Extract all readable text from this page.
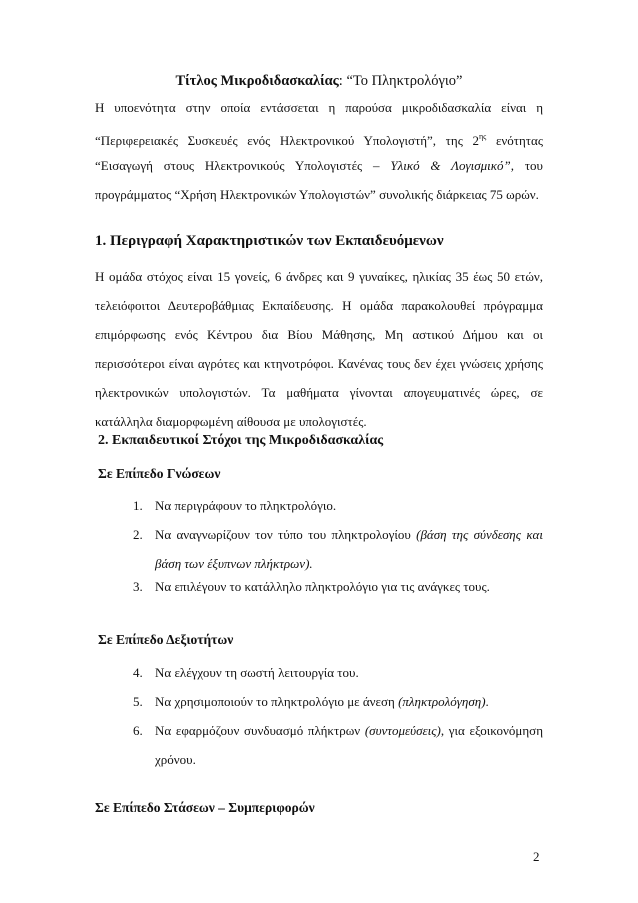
Τίτλος Μικροδιδασκαλίας: “Το Πληκτρολόγιο”
Η υποενότητα στην οποία εντάσσεται η παρούσα μικροδιδασκαλία είναι η
“Περιφερειακές Συσκευές ενός Ηλεκτρονικού Υπολογιστή”, της $2^{\eta\varsigma}$ ενότητας
“Εισαγωγή στους Ηλεκτρονικούς Υπολογιστές – Υλικό & Λογισμικό”, του
προγράμματος “Χρήση Ηλεκτρονικών Υπολογιστών” συνολικής διάρκειας 75 ωρών.
1. Περιγραφή Χαρακτηριστικών των Εκπαιδευόμενων
Η ομάδα στόχος είναι 15 γονείς, 6 άνδρες και 9 γυναίκες, ηλικίας 35 έως 50 ετών,
τελειόφοιτοι Δευτεροβάθμιας Εκπαίδευσης. Η ομάδα παρακολουθεί πρόγραμμα
επιμόρφωσης ενός Κέντρου δια Βίου Μάθησης, Μη αστικού Δήμου και οι
περισσότεροι είναι αγρότες και κτηνοτρόφοι. Κανένας τους δεν έχει γνώσεις χρήσης
ηλεκτρονικών υπολογιστών. Τα μαθήματα γίνονται απογευματινές ώρες, σε
κατάλληλα διαμορφωμένη αίθουσα με υπολογιστές.
2. Εκπαιδευτικοί Στόχοι της Μικροδιδασκαλίας
Σε Επίπεδο Γνώσεων
1. Να περιγράφουν το πληκτρολόγιο.
2. Να αναγνωρίζουν τον τύπο του πληκτρολογίου (βάση της σύνδεσης και
βάση των έξυπνων πλήκτρων).
3. Να επιλέγουν το κατάλληλο πληκτρολόγιο για τις ανάγκες τους.
Σε Επίπεδο Δεξιοτήτων
4. Να ελέγχουν τη σωστή λειτουργία του.
5. Να χρησιμοποιούν το πληκτρολόγιο με άνεση (πληκτρολόγηση).
6. Να εφαρμόζουν συνδυασμό πλήκτρων (συντομεύσεις), για εξοικονόμηση
χρόνου.
Σε Επίπεδο Στάσεων – Συμπεριφορών
2
